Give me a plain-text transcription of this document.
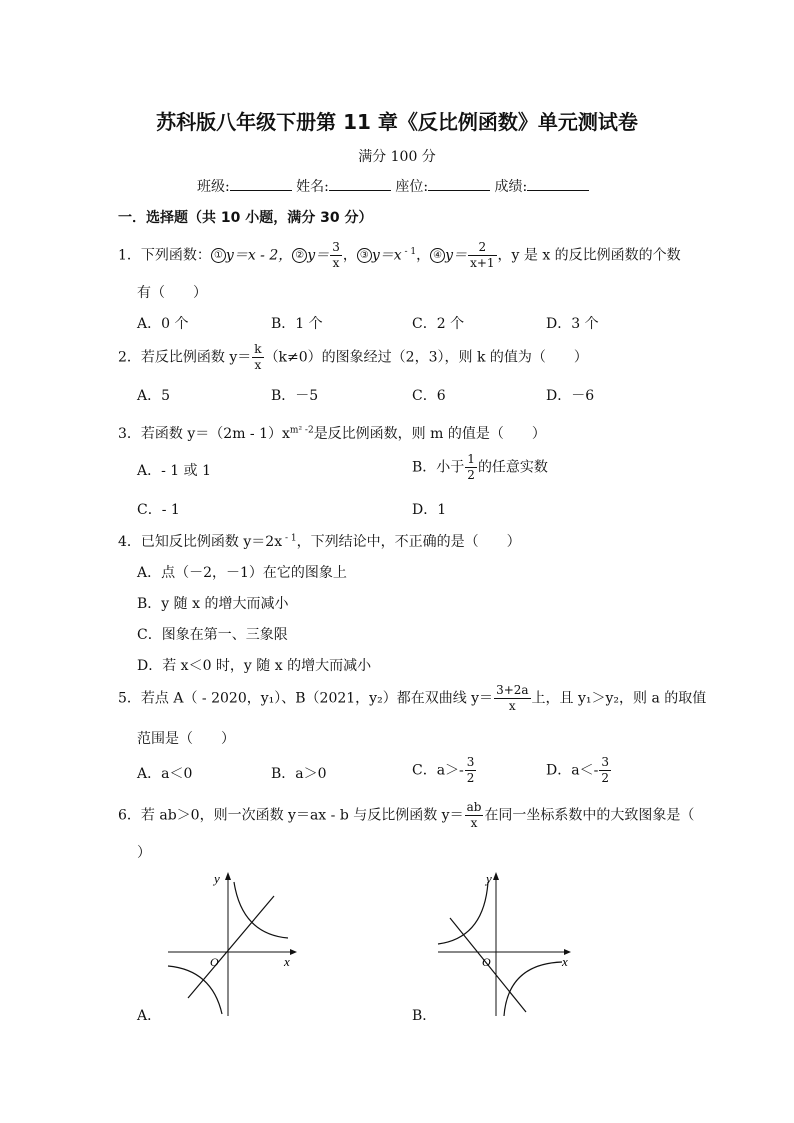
苏科版八年级下册第 11 章《反比例函数》单元测试卷
满分 100 分
班级:	姓名:	座位:	成绩:
一．选择题（共 10 小题，满分 30 分）
1．下列函数： ① y＝x - 2， ② $y= \frac{3}{x}$ ， ③ y＝x $^{- 1}$， ④ $y= \frac{2}{x+1}$ ，y 是 x 的反比例函数的个数
有（　　）
A．0 个	B．1 个	C．2 个	D．3 个
2．若反比例函数 $y= \frac{k}{x} (k\ne 0)$的图象经过（2，3），则 k 的值为（　　）
A．5	B．－5	C．6	D．－6
3．若函数 $y=(2m - 1)x^{m^2 -2}$是反比例函数，则 m 的值是（　　）
A．- 1 或 1	B．小于 $\frac{1}{2}$ 的任意实数
C．- 1	D．1
4．已知反比例函数 y＝2x $^{- 1}$，下列结论中，不正确的是（　　）
A．点（－2，－1）在它的图象上
B．y 随 x 的增大而减小
C．图象在第一、三象限
D．若 x＜0 时，y 随 x 的增大而减小
5．若点 A（ - 2020，y₁）、B（2021，y₂）都在双曲线 $y= \frac{3+2a}{x}$ 上，且 y₁＞y₂，则 a 的取值
范围是（　　）
A．a＜0	B．a＞0	C．$a>- \frac{3}{2}$	D．$a<- \frac{3}{2}$
6．若 ab＞0，则一次函数 y＝ax - b 与反比例函数 $y= \frac{ab}{x}$ 在同一坐标系数中的大致图象是（
）
y
x
O
A．
y
x
O
B．
